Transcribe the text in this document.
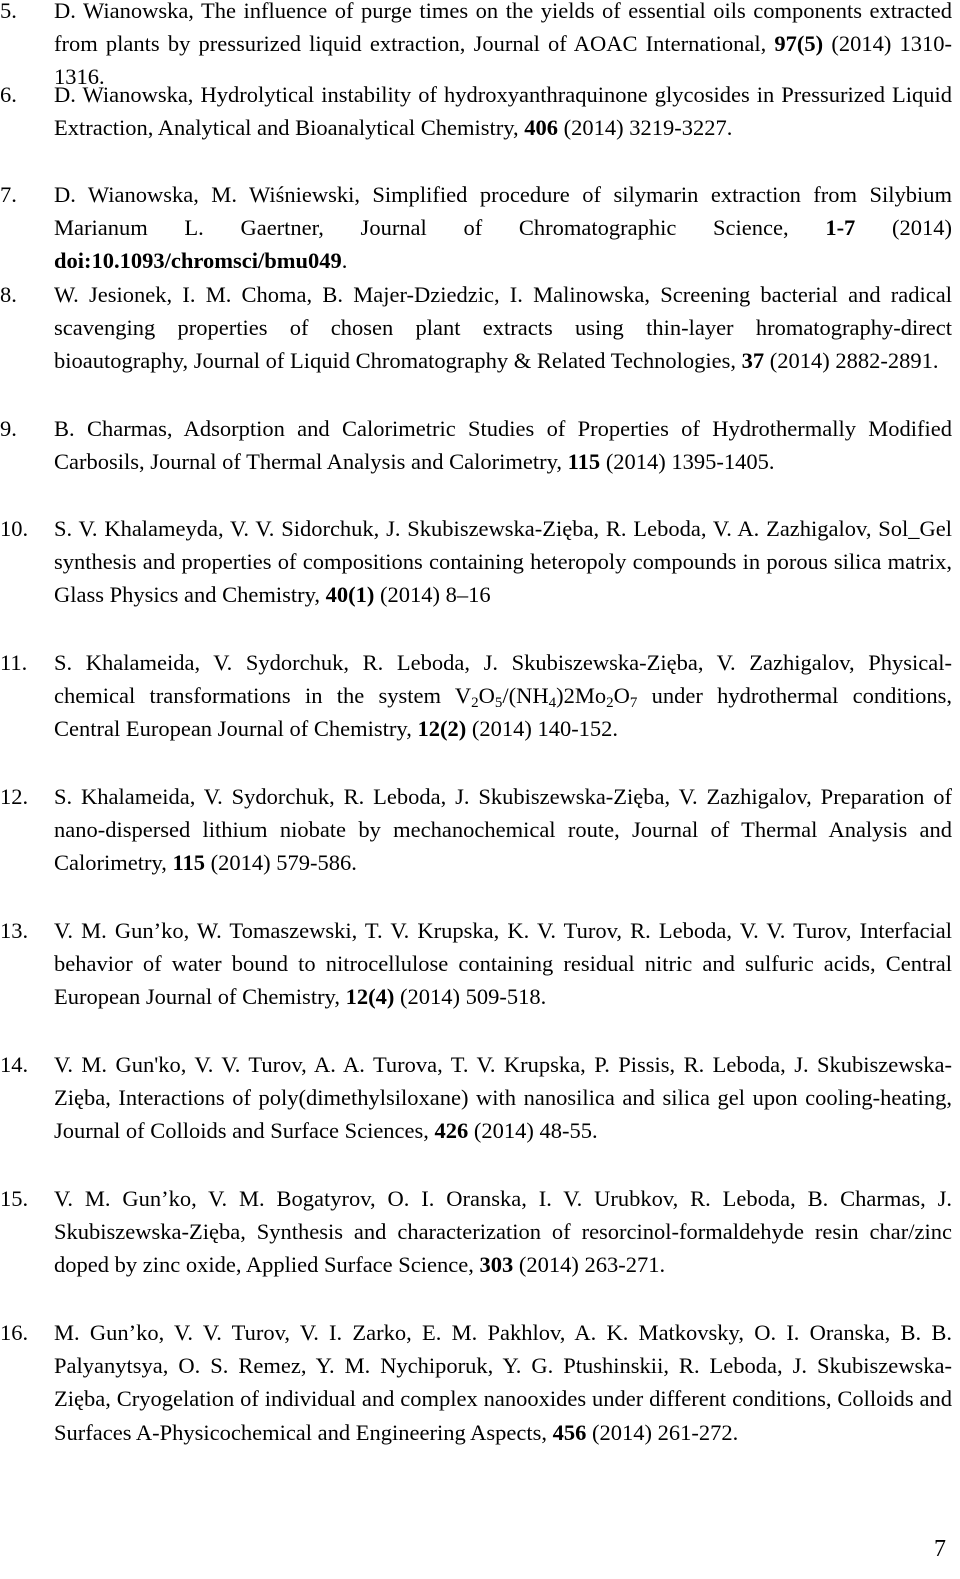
5. D. Wianowska, The influence of purge times on the yields of essential oils components extracted from plants by pressurized liquid extraction, Journal of AOAC International, 97(5) (2014) 1310-1316.
6. D. Wianowska, Hydrolytical instability of hydroxyanthraquinone glycosides in Pressurized Liquid Extraction, Analytical and Bioanalytical Chemistry, 406 (2014) 3219-3227.
7. D. Wianowska, M. Wiśniewski, Simplified procedure of silymarin extraction from Silybium Marianum L. Gaertner, Journal of Chromatographic Science, 1-7 (2014) doi:10.1093/chromsci/bmu049.
8. W. Jesionek, I. M. Choma, B. Majer-Dziedzic, I. Malinowska, Screening bacterial and radical scavenging properties of chosen plant extracts using thin-layer hromatography-direct bioautography, Journal of Liquid Chromatography & Related Technologies, 37 (2014) 2882-2891.
9. B. Charmas, Adsorption and Calorimetric Studies of Properties of Hydrothermally Modified Carbosils, Journal of Thermal Analysis and Calorimetry, 115 (2014) 1395-1405.
10. S. V. Khalameyda, V. V. Sidorchuk, J. Skubiszewska-Zięba, R. Leboda, V. A. Zazhigalov, Sol_Gel synthesis and properties of compositions containing heteropoly compounds in porous silica matrix, Glass Physics and Chemistry, 40(1) (2014) 8–16
11. S. Khalameida, V. Sydorchuk, R. Leboda, J. Skubiszewska-Zięba, V. Zazhigalov, Physical-chemical transformations in the system $V_2O_5/(NH_4)2Mo_2O_7$ under hydrothermal conditions, Central European Journal of Chemistry, 12(2) (2014) 140-152.
12. S. Khalameida, V. Sydorchuk, R. Leboda, J. Skubiszewska-Zięba, V. Zazhigalov, Preparation of nano-dispersed lithium niobate by mechanochemical route, Journal of Thermal Analysis and Calorimetry, 115 (2014) 579-586.
13. V. M. Gun’ko, W. Tomaszewski, T. V. Krupska, K. V. Turov, R. Leboda, V. V. Turov, Interfacial behavior of water bound to nitrocellulose containing residual nitric and sulfuric acids, Central European Journal of Chemistry, 12(4) (2014) 509-518.
14. V. M. Gun'ko, V. V. Turov, A. A. Turova, T. V. Krupska, P. Pissis, R. Leboda, J. Skubiszewska-Zięba, Interactions of poly(dimethylsiloxane) with nanosilica and silica gel upon cooling-heating, Journal of Colloids and Surface Sciences, 426 (2014) 48-55.
15. V. M. Gun’ko, V. M. Bogatyrov, O. I. Oranska, I. V. Urubkov, R. Leboda, B. Charmas, J. Skubiszewska-Zięba, Synthesis and characterization of resorcinol-formaldehyde resin char/zinc doped by zinc oxide, Applied Surface Science, 303 (2014) 263-271.
16. M. Gun’ko, V. V. Turov, V. I. Zarko, E. M. Pakhlov, A. K. Matkovsky, O. I. Oranska, B. B. Palyanytsya, O. S. Remez, Y. M. Nychiporuk, Y. G. Ptushinskii, R. Leboda, J. Skubiszewska-Zięba, Cryogelation of individual and complex nanooxides under different conditions, Colloids and Surfaces A-Physicochemical and Engineering Aspects, 456 (2014) 261-272.
7
